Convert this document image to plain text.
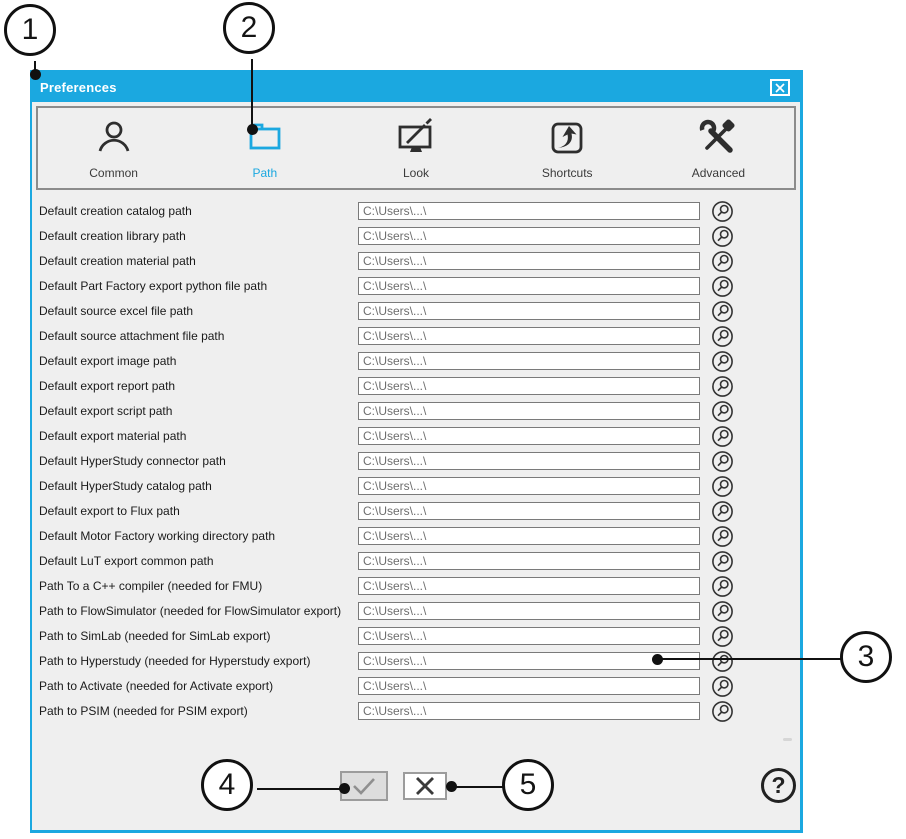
Preferences
Common	Path	Look	Shortcuts	Advanced
Default creation catalog path
C:\Users\...\
Default creation library path
C:\Users\...\
Default creation material path
C:\Users\...\
Default Part Factory export python file path
C:\Users\...\
Default source excel file path
C:\Users\...\
Default source attachment file path
C:\Users\...\
Default export image path
C:\Users\...\
Default export report path
C:\Users\...\
Default export script path
C:\Users\...\
Default export material path
C:\Users\...\
Default HyperStudy connector path
C:\Users\...\
Default HyperStudy catalog path
C:\Users\...\
Default export to Flux path
C:\Users\...\
Default Motor Factory working directory path
C:\Users\...\
Default LuT export common path
C:\Users\...\
Path To a C++ compiler (needed for FMU)
C:\Users\...\
Path to FlowSimulator (needed for FlowSimulator export)
C:\Users\...\
Path to SimLab (needed for SimLab export)
C:\Users\...\
Path to Hyperstudy (needed for Hyperstudy export)
C:\Users\...\
Path to Activate (needed for Activate export)
C:\Users\...\
Path to PSIM (needed for PSIM export)
C:\Users\...\
?
1	2
3
4	5
